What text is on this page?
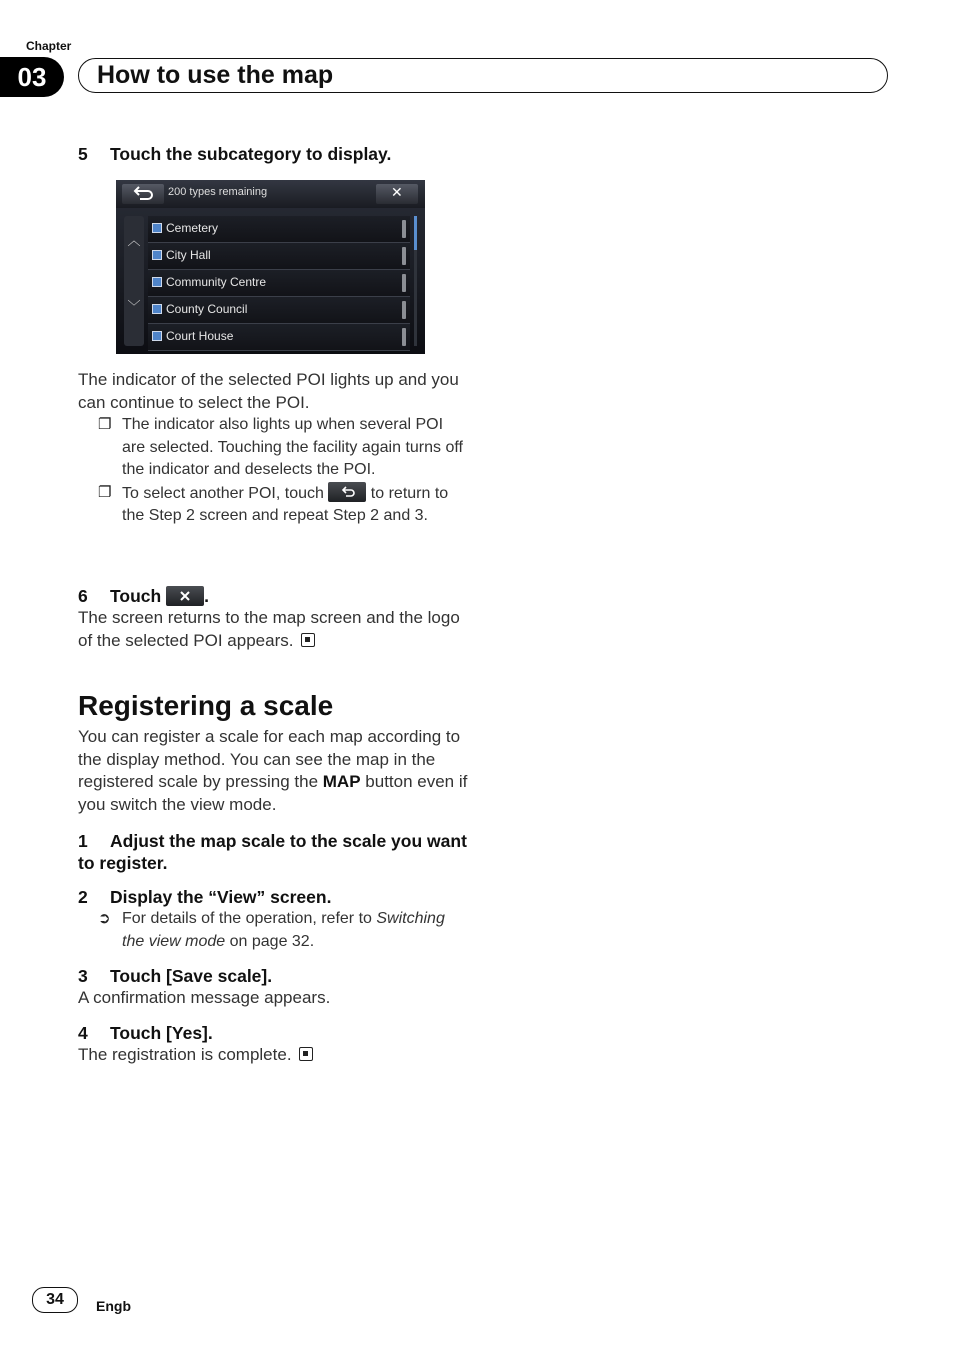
Chapter
03	How to use the map
5 Touch the subcategory to display.
200 types remaining	✕
︿
﹀
Cemetery
City Hall
Community Centre
County Council
Court House
The indicator of the selected POI lights up and you can continue to select the POI.
❐ The indicator also lights up when several POI are selected. Touching the facility again turns off the indicator and deselects the POI.
❐ To select another POI, touch	to return to the Step 2 screen and repeat Step 2 and 3.
6 Touch .
The screen returns to the map screen and the logo of the selected POI appears.
Registering a scale
You can register a scale for each map according to the display method. You can see the map in the registered scale by pressing the MAP button even if you switch the view mode.
1 Adjust the map scale to the scale you want to register.
2 Display the “View” screen.
➲ For details of the operation, refer to Switching the view mode on page 32.
3 Touch [Save scale].
A confirmation message appears.
4 Touch [Yes].
The registration is complete.
34	Engb
